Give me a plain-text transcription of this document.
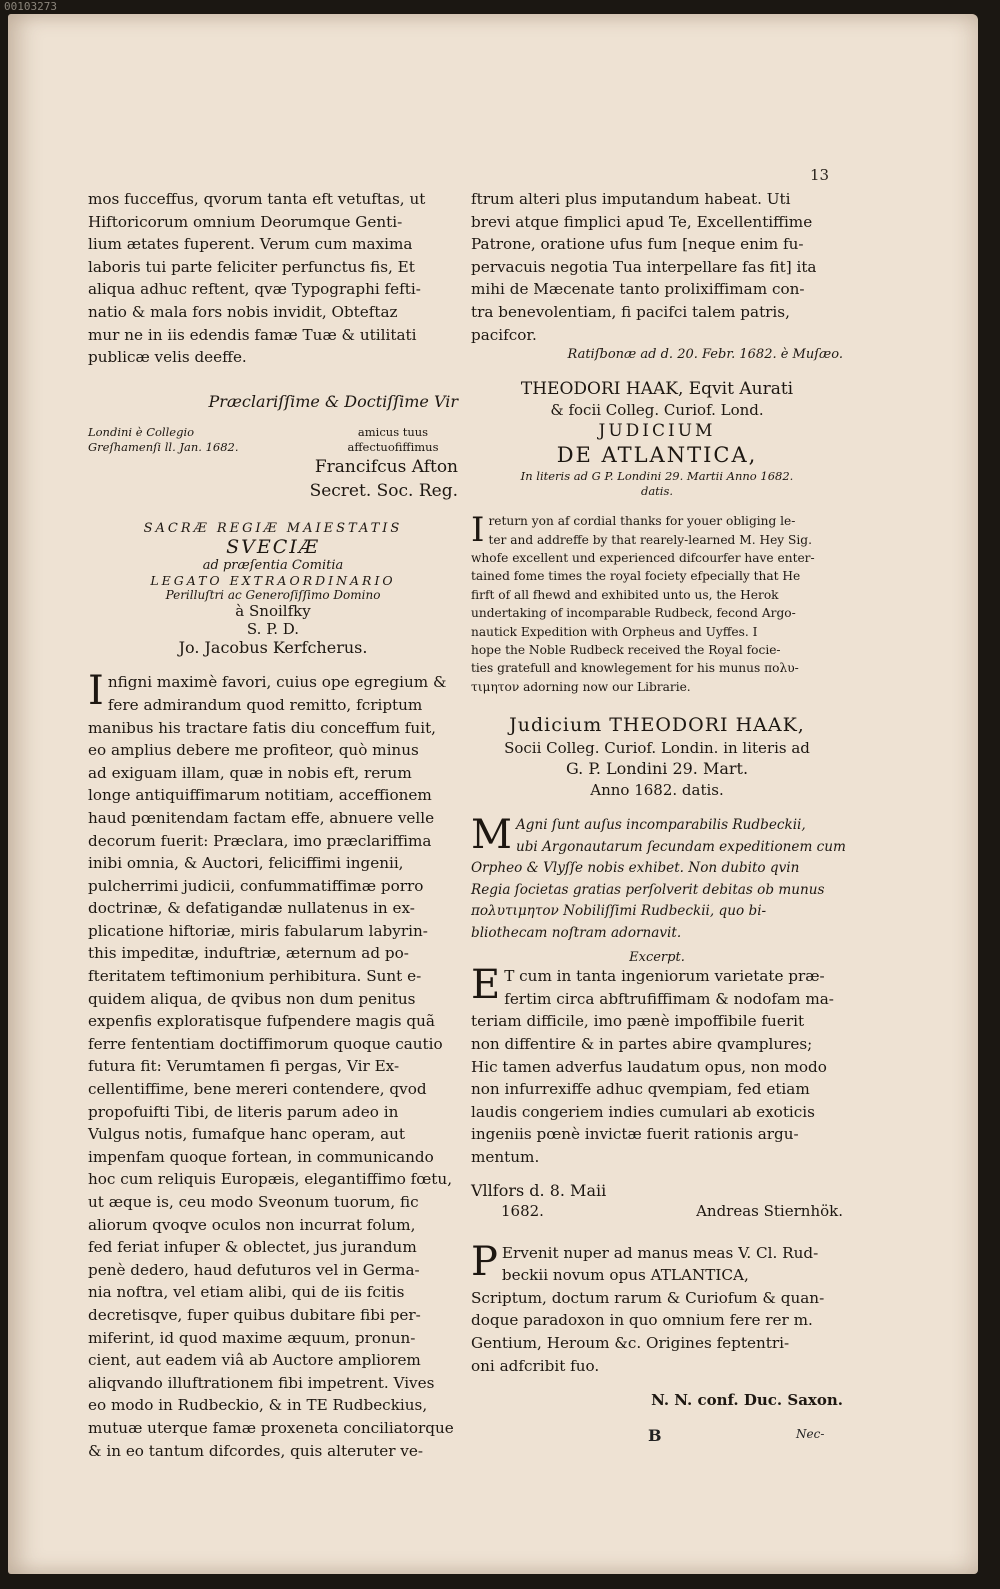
00103273
13

mos fucceffus, qvorum tanta eft vetuftas, ut
Hiftoricorum omnium Deorumque Genti-
lium ætates fuperent. Verum cum maxima
laboris tui parte feliciter perfunctus fis, Et
aliqua adhuc reftent, qvæ Typographi fefti-
natio & mala fors nobis invidit, Obteftaz
mur ne in iis edendis famæ Tuæ & utilitati
publicæ velis deeffe.

Præclariſſime & Doctiſſime Vir
Londini è Collegio
Greſhamenſi ll. Jan. 1682.
amicus tuus
affectuofiffimus
Francifcus Afton
Secret. Soc. Reg.
SACRÆ REGIÆ MAIESTATIS
SVECIÆ
ad præſentia Comitia
LEGATO EXTRAORDINARIO
Perilluſtri ac Generoſiſſimo Domino
à Snoilfky
S. P. D.
Jo. Jacobus Kerfcherus.

I nfigni maximè favori, cuius ope egregium &
fere admirandum quod remitto, fcriptum
manibus his tractare fatis diu conceffum fuit,
eo amplius debere me profiteor, quò minus
ad exiguam illam, quæ in nobis eft, rerum
longe antiquiffimarum notitiam, acceffionem
haud pœnitendam factam effe, abnuere velle
decorum fuerit: Præclara, imo præclariffima
inibi omnia, & Auctori, feliciffimi ingenii,
pulcherrimi judicii, confummatiffimæ porro
doctrinæ, & defatigandæ nullatenus in ex-
plicatione hiftoriæ, miris fabularum labyrin-
this impeditæ, induftriæ, æternum ad po-
fteritatem teftimonium perhibitura. Sunt e-
quidem aliqua, de qvibus non dum penitus
expenfis exploratisque fufpendere magis quã
ferre fententiam doctiffimorum quoque cautio
futura fit: Verumtamen fi pergas, Vir Ex-
cellentiffime, bene mereri contendere, qvod
propofuifti Tibi, de literis parum adeo in
Vulgus notis, fumafque hanc operam, aut
impenfam quoque fortean, in communicando
hoc cum reliquis Europæis, elegantiffimo fœtu,
ut æque is, ceu modo Sveonum tuorum, fic
aliorum qvoqve oculos non incurrat folum,
fed feriat infuper & oblectet, jus jurandum
penè dedero, haud defuturos vel in Germa-
nia noftra, vel etiam alibi, qui de iis fcitis
decretisqve, fuper quibus dubitare fibi per-
miferint, id quod maxime æquum, pronun-
cient, aut eadem viâ ab Auctore ampliorem
aliqvando illuftrationem fibi impetrent. Vives
eo modo in Rudbeckio, & in TE Rudbeckius,
mutuæ uterque famæ proxeneta conciliatorque
& in eo tantum difcordes, quis alteruter ve-

ftrum alteri plus imputandum habeat. Uti
brevi atque fimplici apud Te, Excellentiffime
Patrone, oratione ufus fum [neque enim fu-
pervacuis negotia Tua interpellare fas fit] ita
mihi de Mæcenate tanto prolixiffimam con-
tra benevolentiam, fi pacifci talem patris,
pacifcor.

Ratiſbonæ ad d. 20. Febr. 1682. è Muſæo.
THEODORI HAAK, Eqvit Aurati
& focii Colleg. Curiof. Lond.
JUDICIUM
DE ATLANTICA,
In literis ad G P. Londini 29. Martii Anno 1682.
datis.

I return yon af cordial thanks for youer obliging le-
ter and addreffe by that rearely-learned M. Hey Sig.
whofe excellent und experienced difcourfer have enter-
tained fome times the royal fociety efpecially that He
firft of all fhewd and exhibited unto us, the Herok
undertaking of incomparable Rudbeck, fecond Argo-
nautick Expedition with Orpheus and Uyffes. I
hope the Noble Rudbeck received the Royal focie-
ties gratefull and knowlegement for his munus πολυ-
τιμητον adorning now our Librarie.

Judicium THEODORI HAAK,
Socii Colleg. Curiof. Londin. in literis ad
G. P. Londini 29. Mart.
Anno 1682. datis.

M Agni ſunt auſus incomparabilis Rudbeckii,
ubi Argonautarum ſecundam expeditionem cum
Orpheo & Vlyſſe nobis exhibet. Non dubito qvin
Regia ſocietas gratias perſolverit debitas ob munus
πολυτιμητον Nobiliſſimi Rudbeckii, quo bi-
bliothecam noſtram adornavit.

Excerpt.

E T cum in tanta ingeniorum varietate præ-
fertim circa abftrufiffimam & nodofam ma-
teriam difficile, imo pænè impoffibile fuerit
non diffentire & in partes abire qvamplures;
Hic tamen adverfus laudatum opus, non modo
non infurrexiffe adhuc qvempiam, fed etiam
laudis congeriem indies cumulari ab exoticis
ingeniis pœnè invictæ fuerit rationis argu-
mentum.

Vllfors d. 8. Maii
1682.	Andreas Stiernhök.

P Ervenit nuper ad manus meas V. Cl. Rud-
beckii novum opus ATLANTICA,
Scriptum, doctum rarum & Curiofum & quan-
doque paradoxon in quo omnium fere rer m.
Gentium, Heroum &c. Origines feptentri-
oni adfcribit fuo.

N. N. conf. Duc. Saxon.
B	Nec-
